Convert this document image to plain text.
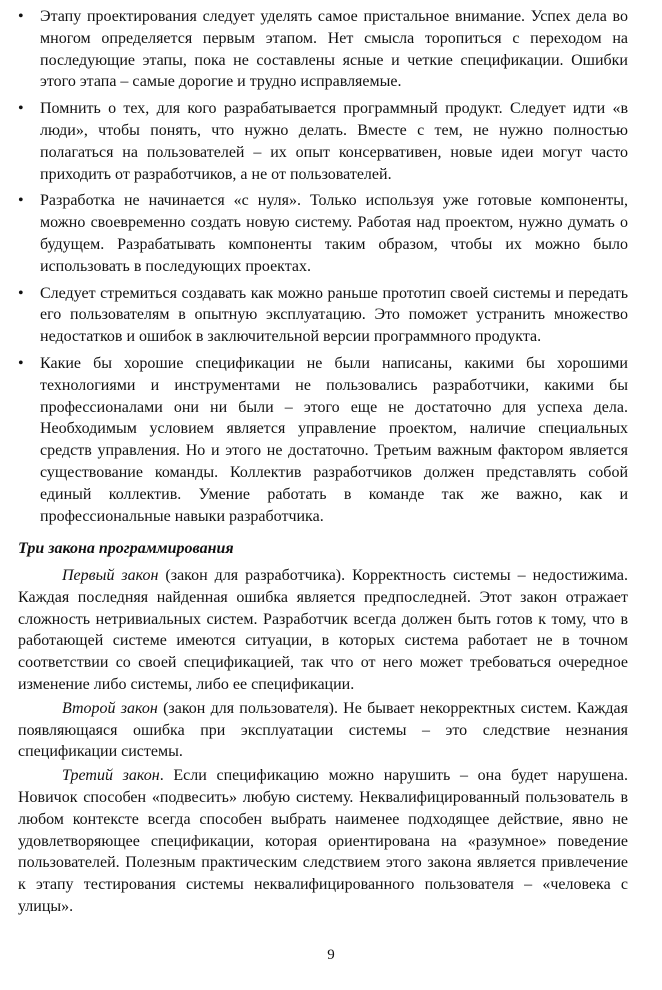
•	Этапу проектирования следует уделять самое пристальное внимание. Успех дела во многом определяется первым этапом. Нет смысла торопиться с переходом на последующие этапы, пока не составлены ясные и четкие спецификации. Ошибки этого этапа – самые дорогие и трудно исправляемые.
•	Помнить о тех, для кого разрабатывается программный продукт. Следует идти «в люди», чтобы понять, что нужно делать. Вместе с тем, не нужно полностью полагаться на пользователей – их опыт консервативен, новые идеи могут часто приходить от разработчиков, а не от пользователей.
•	Разработка не начинается «с нуля». Только используя уже готовые компоненты, можно своевременно создать новую систему. Работая над проектом, нужно думать о будущем. Разрабатывать компоненты таким образом, чтобы их можно было использовать в последующих проектах.
•	Следует стремиться создавать как можно раньше прототип своей системы и передать его пользователям в опытную эксплуатацию. Это поможет устранить множество недостатков и ошибок в заключительной версии программного продукта.
•	Какие бы хорошие спецификации не были написаны, какими бы хорошими технологиями и инструментами не пользовались разработчики, какими бы профессионалами они ни были – этого еще не достаточно для успеха дела. Необходимым условием является управление проектом, наличие специальных средств управления. Но и этого не достаточно. Третьим важным фактором является существование команды. Коллектив разработчиков должен представлять собой единый коллектив. Умение работать в команде так же важно, как и профессиональные навыки разработчика.
Три закона программирования

Первый закон (закон для разработчика). Корректность системы – недостижима. Каждая последняя найденная ошибка является предпоследней. Этот закон отражает сложность нетривиальных систем. Разработчик всегда должен быть готов к тому, что в работающей системе имеются ситуации, в которых система работает не в точном соответствии со своей спецификацией, так что от него может требоваться очередное изменение либо системы, либо ее спецификации.

Второй закон (закон для пользователя). Не бывает некорректных систем. Каждая появляющаяся ошибка при эксплуатации системы – это следствие незнания спецификации системы.

Третий закон. Если спецификацию можно нарушить – она будет нарушена. Новичок способен «подвесить» любую систему. Неквалифицированный пользователь в любом контексте всегда способен выбрать наименее подходящее действие, явно не удовлетворяющее спецификации, которая ориентирована на «разумное» поведение пользователей. Полезным практическим следствием этого закона является привлечение к этапу тестирования системы неквалифицированного пользователя – «человека с улицы».

9
